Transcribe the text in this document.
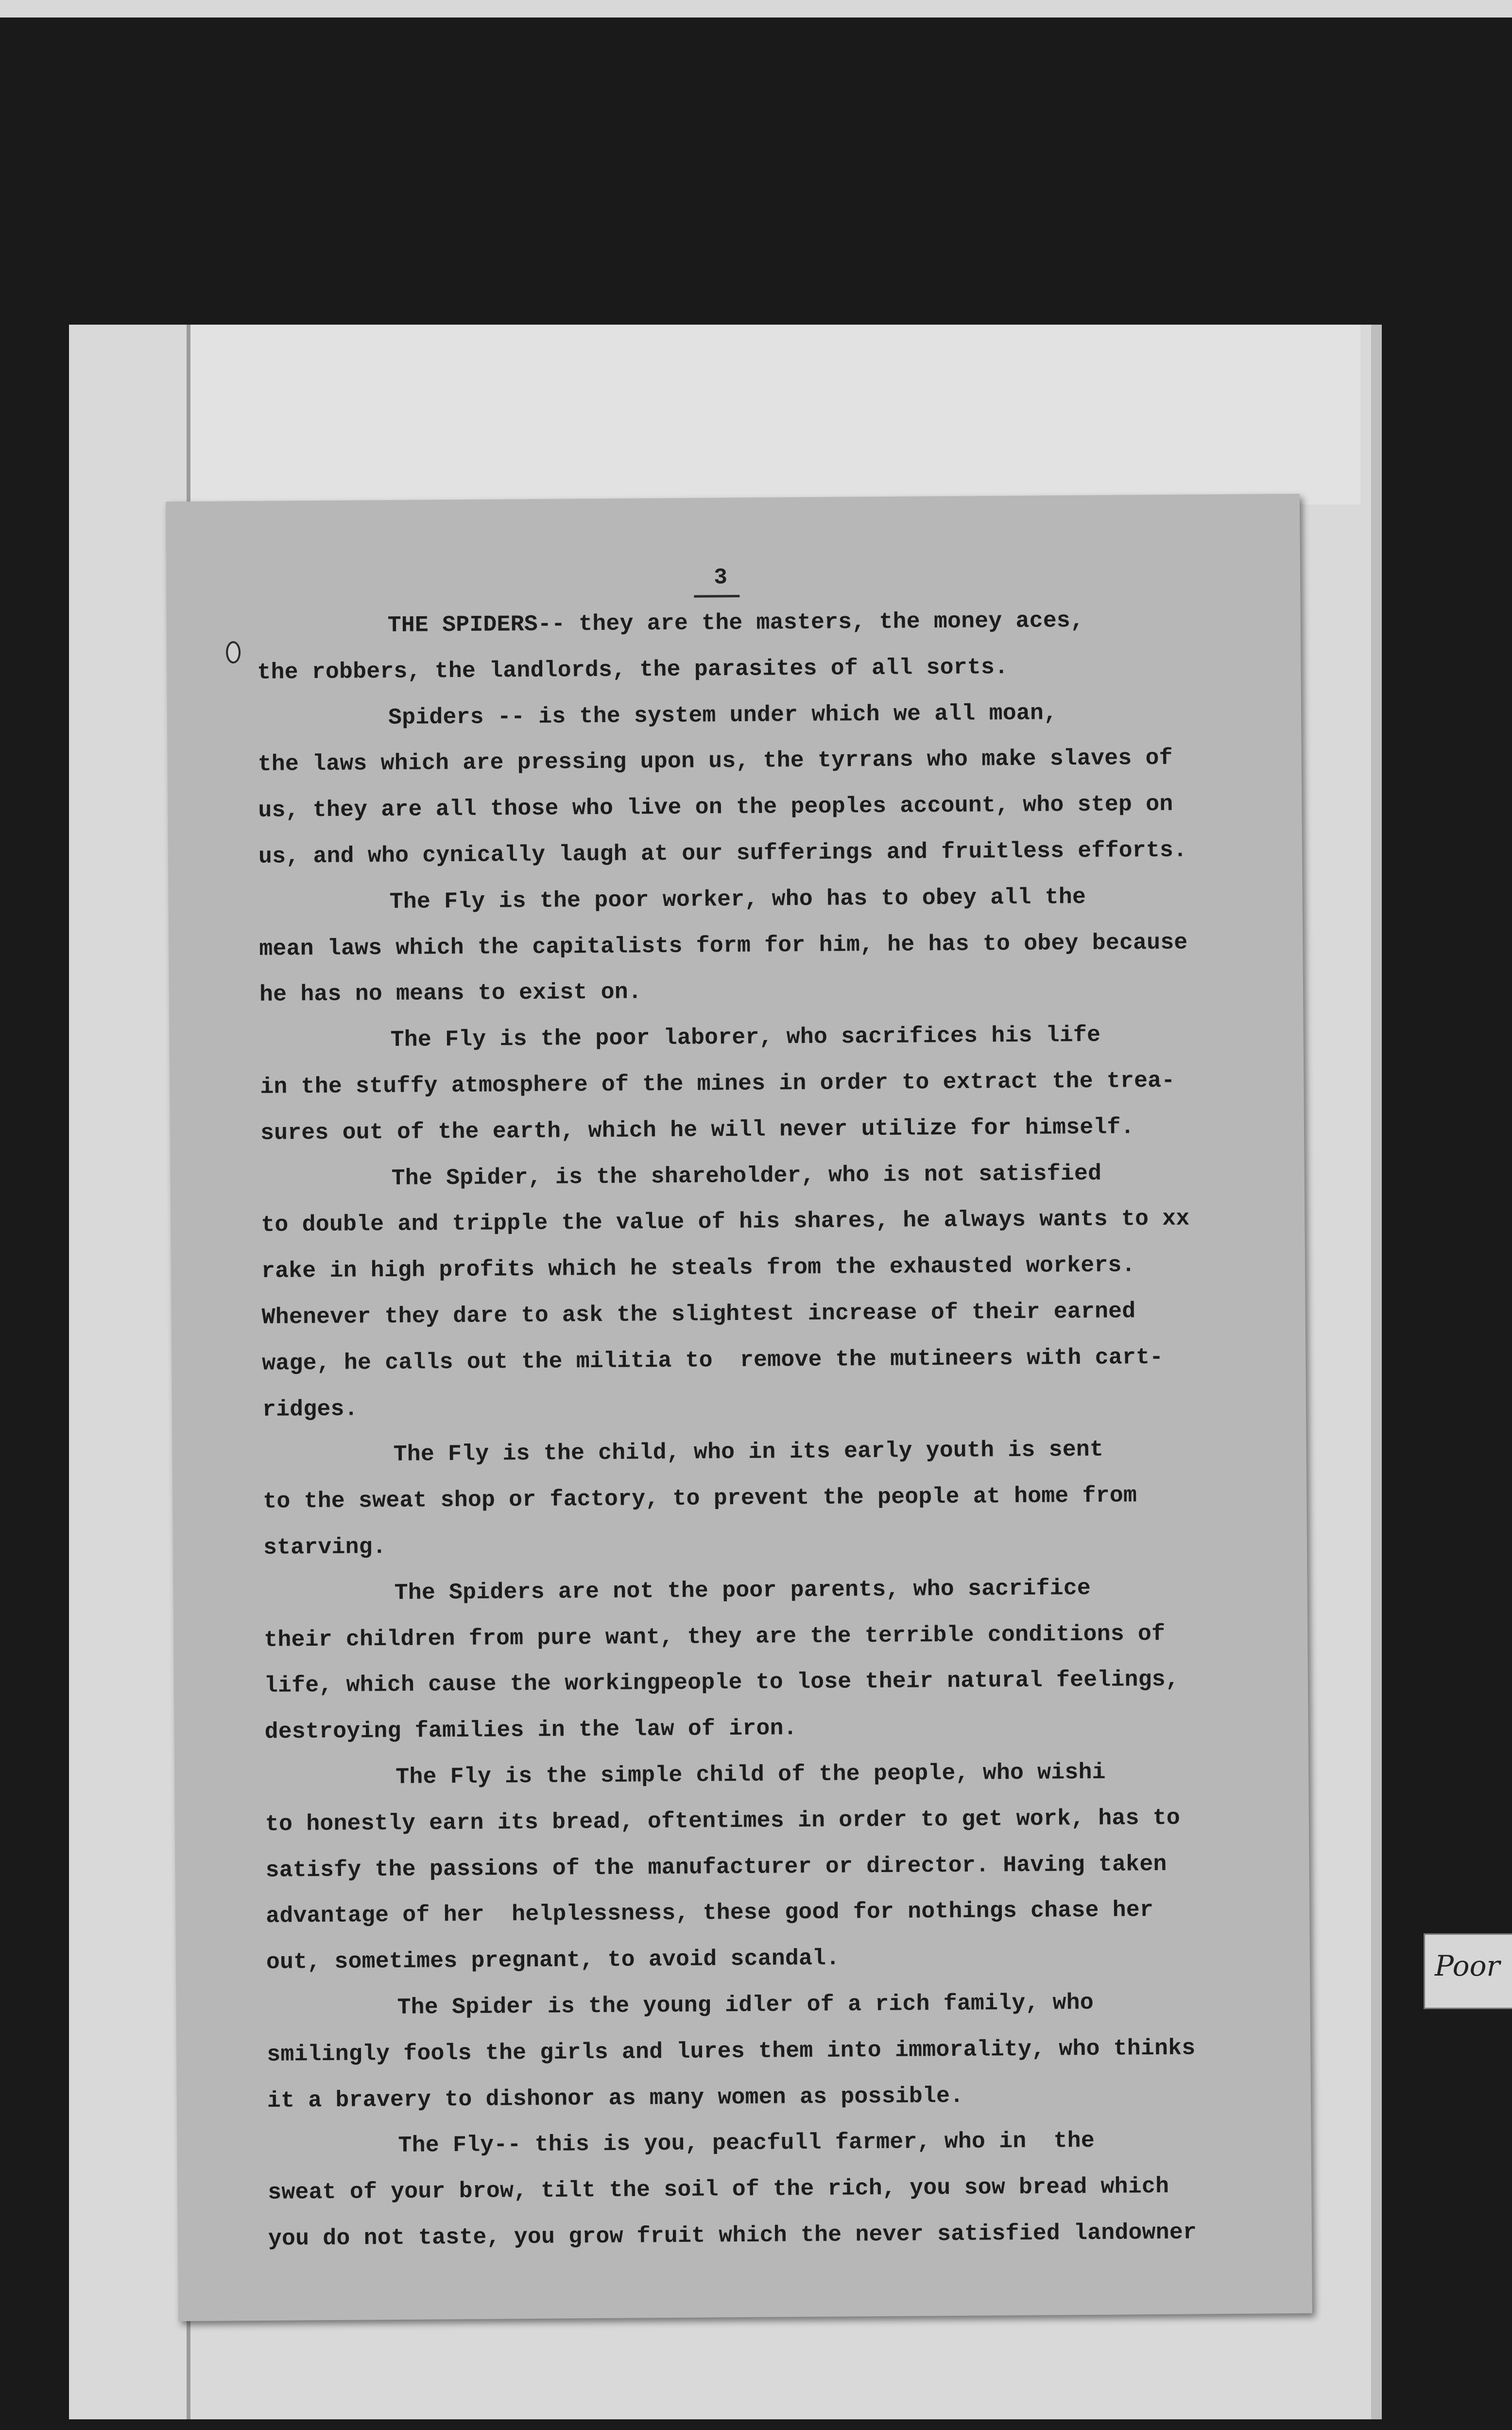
3
THE SPIDERS-- they are the masters, the money aces,
the robbers, the landlords, the parasites of all sorts.
Spiders -- is the system under which we all moan,
the laws which are pressing upon us, the tyrrans who make slaves of
us, they are all those who live on the peoples account, who step on
us, and who cynically laugh at our sufferings and fruitless efforts.
The Fly is the poor worker, who has to obey all the
mean laws which the capitalists form for him, he has to obey because
he has no means to exist on.
The Fly is the poor laborer, who sacrifices his life
in the stuffy atmosphere of the mines in order to extract the trea-
sures out of the earth, which he will never utilize for himself.
The Spider, is the shareholder, who is not satisfied
to double and tripple the value of his shares, he always wants to xx
rake in high profits which he steals from the exhausted workers.
Whenever they dare to ask the slightest increase of their earned
wage, he calls out the militia to  remove the mutineers with cart-
ridges.
The Fly is the child, who in its early youth is sent
to the sweat shop or factory, to prevent the people at home from
starving.
The Spiders are not the poor parents, who sacrifice
their children from pure want, they are the terrible conditions of
life, which cause the workingpeople to lose their natural feelings,
destroying families in the law of iron.
The Fly is the simple child of the people, who wishi
to honestly earn its bread, oftentimes in order to get work, has to
satisfy the passions of the manufacturer or director. Having taken
advantage of her  helplessness, these good for nothings chase her
out, sometimes pregnant, to avoid scandal.
The Spider is the young idler of a rich family, who
smilingly fools the girls and lures them into immorality, who thinks
it a bravery to dishonor as many women as possible.
The Fly-- this is you, peacfull farmer, who in  the
sweat of your brow, tilt the soil of the rich, you sow bread which
you do not taste, you grow fruit which the never satisfied landowner
Poor
